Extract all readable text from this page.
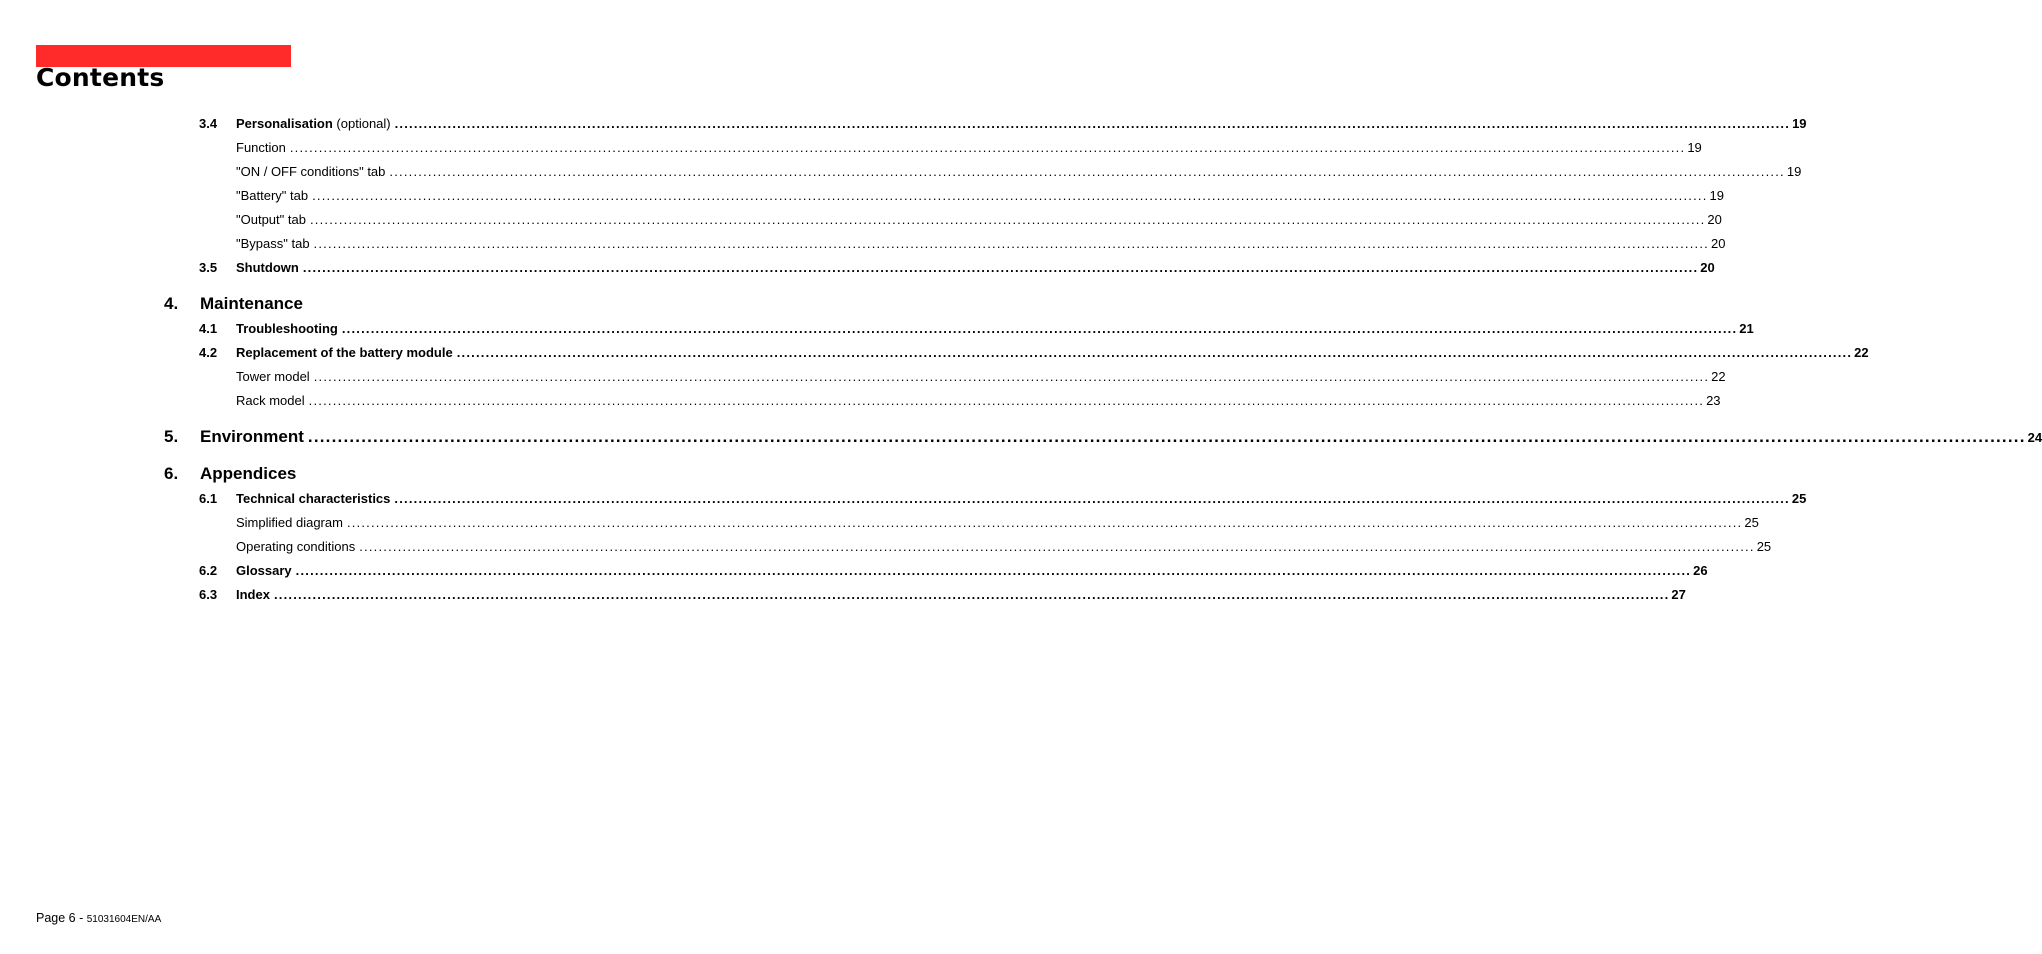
Contents
3.4 Personalisation (optional) .....	19
Function .....	19
"ON / OFF conditions" tab .....	19
"Battery" tab .....	19
"Output" tab .....	20
"Bypass" tab .....	20
3.5 Shutdown .....	20
4. Maintenance
4.1 Troubleshooting .....	21
4.2 Replacement of the battery module .....	22
Tower model .....	22
Rack model .....	23
5. Environment .....	24
6. Appendices
6.1 Technical characteristics .....	25
Simplified diagram .....	25
Operating conditions .....	25
6.2 Glossary .....	26
6.3 Index .....	27
Page 6 - 51031604EN/AA
